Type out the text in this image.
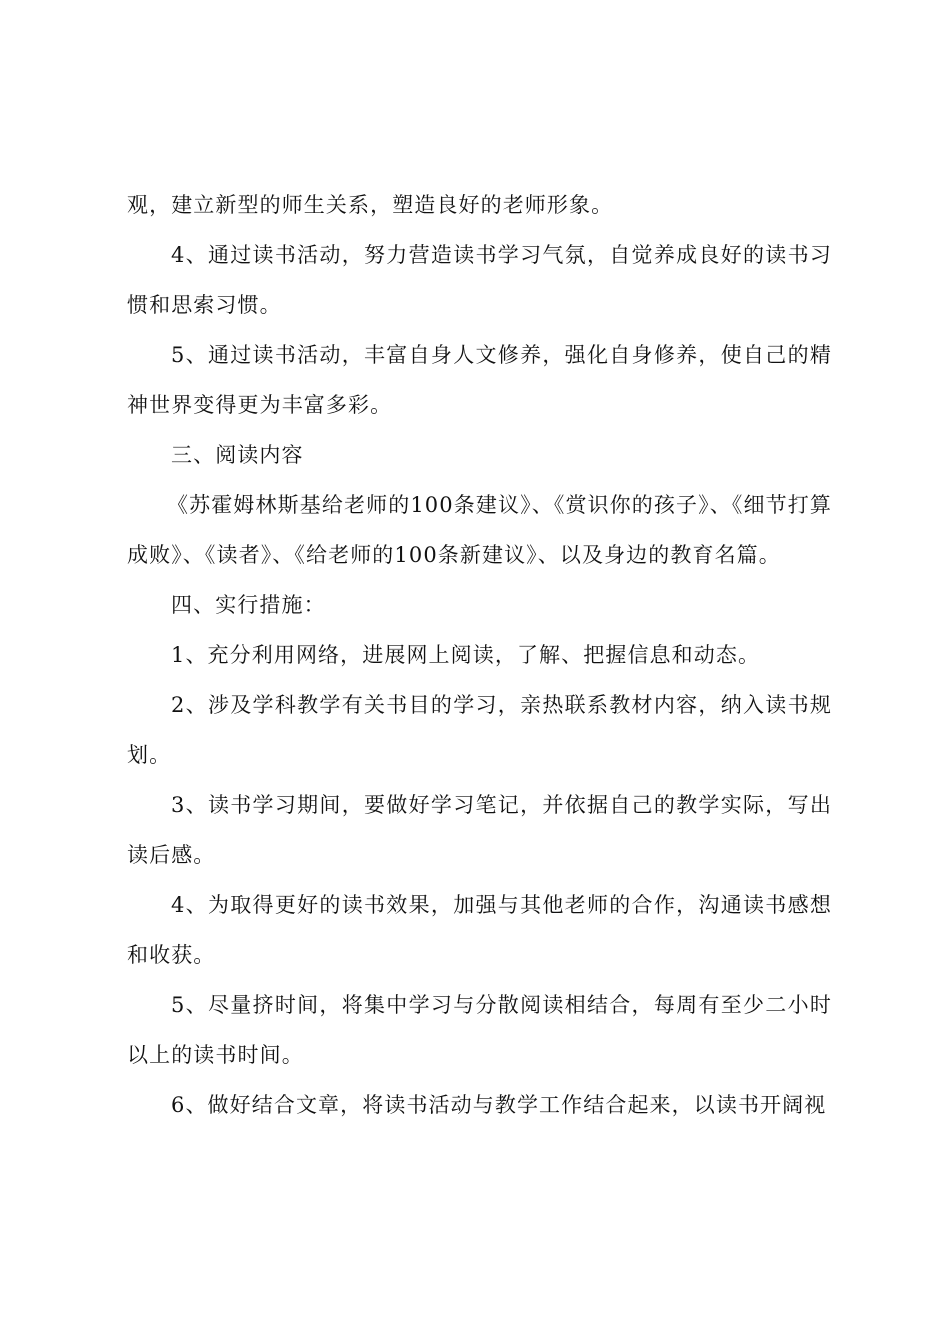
观，建立新型的师生关系，塑造良好的老师形象。

4、通过读书活动，努力营造读书学习气氛，自觉养成良好的读书习惯和思索习惯。

5、通过读书活动，丰富自身人文修养，强化自身修养，使自己的精神世界变得更为丰富多彩。

三、阅读内容

《苏霍姆林斯基给老师的100条建议》、《赏识你的孩子》、《细节打算成败》、《读者》、《给老师的100条新建议》、以及身边的教育名篇。

四、实行措施：

1、充分利用网络，进展网上阅读，了解、把握信息和动态。

2、涉及学科教学有关书目的学习，亲热联系教材内容，纳入读书规划。

3、读书学习期间，要做好学习笔记，并依据自己的教学实际，写出读后感。

4、为取得更好的读书效果，加强与其他老师的合作，沟通读书感想和收获。

5、尽量挤时间，将集中学习与分散阅读相结合，每周有至少二小时以上的读书时间。

6、做好结合文章，将读书活动与教学工作结合起来，以读书开阔视
